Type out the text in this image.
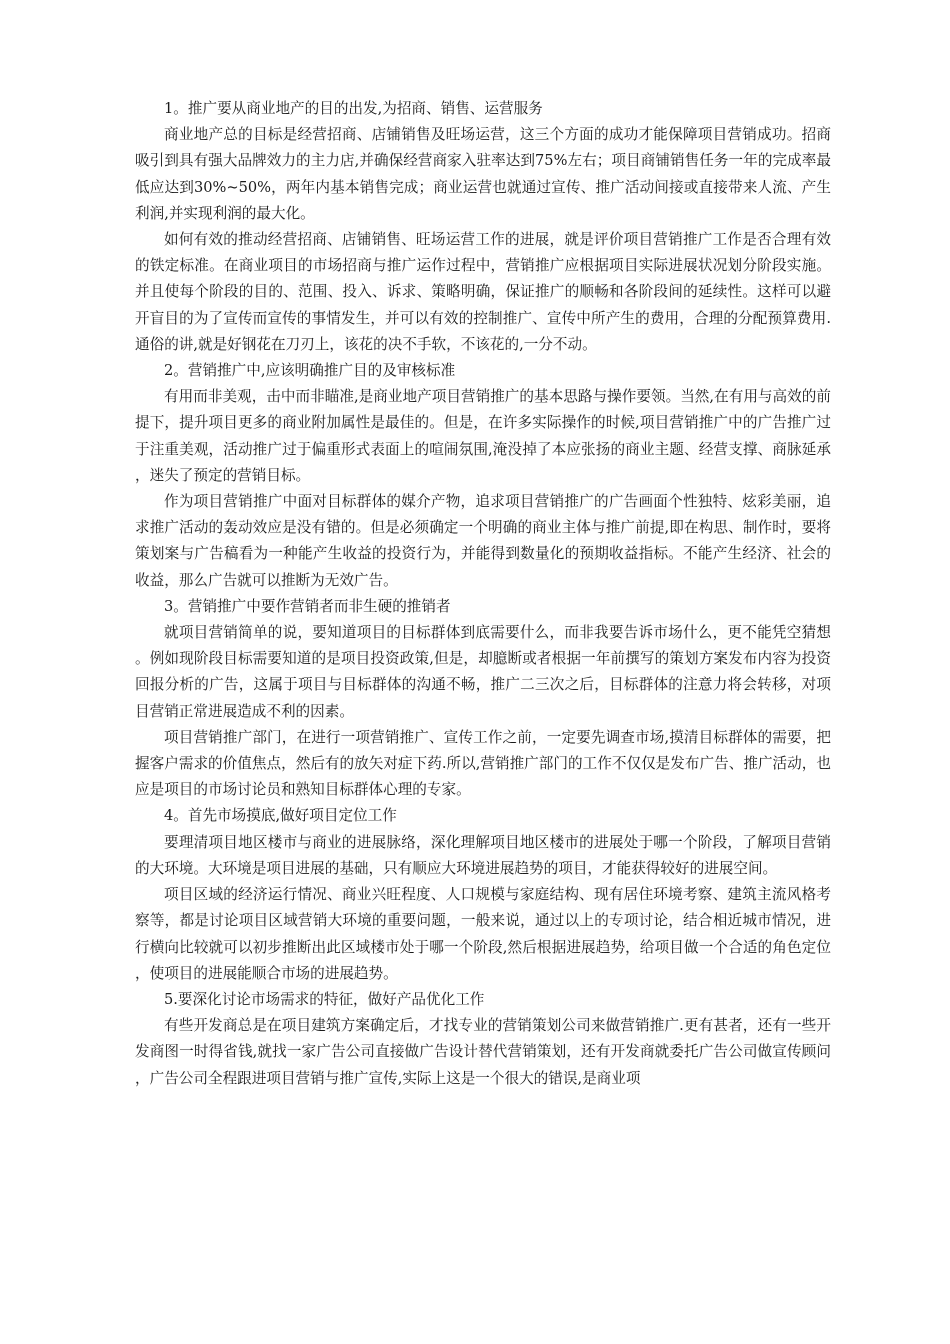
1。推广要从商业地产的目的出发,为招商、销售、运营服务

商业地产总的目标是经营招商、店铺销售及旺场运营，这三个方面的成功才能保障项目营销成功。招商吸引到具有强大品牌效力的主力店,并确保经营商家入驻率达到75%左右；项目商铺销售任务一年的完成率最低应达到30%~50%，两年内基本销售完成；商业运营也就通过宣传、推广活动间接或直接带来人流、产生利润,并实现利润的最大化。

如何有效的推动经营招商、店铺销售、旺场运营工作的进展，就是评价项目营销推广工作是否合理有效的铁定标准。在商业项目的市场招商与推广运作过程中，营销推广应根据项目实际进展状况划分阶段实施。并且使每个阶段的目的、范围、投入、诉求、策略明确，保证推广的顺畅和各阶段间的延续性。这样可以避开盲目的为了宣传而宣传的事情发生，并可以有效的控制推广、宣传中所产生的费用，合理的分配预算费用.通俗的讲,就是好钢花在刀刃上，该花的决不手软，不该花的,一分不动。

2。营销推广中,应该明确推广目的及审核标准

有用而非美观，击中而非瞄准,是商业地产项目营销推广的基本思路与操作要领。当然,在有用与高效的前提下，提升项目更多的商业附加属性是最佳的。但是，在许多实际操作的时候,项目营销推广中的广告推广过于注重美观，活动推广过于偏重形式表面上的喧闹氛围,淹没掉了本应张扬的商业主题、经营支撑、商脉延承，迷失了预定的营销目标。

作为项目营销推广中面对目标群体的媒介产物，追求项目营销推广的广告画面个性独特、炫彩美丽，追求推广活动的轰动效应是没有错的。但是必须确定一个明确的商业主体与推广前提,即在构思、制作时，要将策划案与广告稿看为一种能产生收益的投资行为，并能得到数量化的预期收益指标。不能产生经济、社会的收益，那么广告就可以推断为无效广告。

3。营销推广中要作营销者而非生硬的推销者

就项目营销简单的说，要知道项目的目标群体到底需要什么，而非我要告诉市场什么，更不能凭空猜想。例如现阶段目标需要知道的是项目投资政策,但是，却臆断或者根据一年前撰写的策划方案发布内容为投资回报分析的广告，这属于项目与目标群体的沟通不畅，推广二三次之后，目标群体的注意力将会转移，对项目营销正常进展造成不利的因素。

项目营销推广部门，在进行一项营销推广、宣传工作之前，一定要先调查市场,摸清目标群体的需要，把握客户需求的价值焦点，然后有的放矢对症下药.所以,营销推广部门的工作不仅仅是发布广告、推广活动，也应是项目的市场讨论员和熟知目标群体心理的专家。

4。首先市场摸底,做好项目定位工作

要理清项目地区楼市与商业的进展脉络，深化理解项目地区楼市的进展处于哪一个阶段，了解项目营销的大环境。大环境是项目进展的基础，只有顺应大环境进展趋势的项目，才能获得较好的进展空间。

项目区域的经济运行情况、商业兴旺程度、人口规模与家庭结构、现有居住环境考察、建筑主流风格考察等，都是讨论项目区域营销大环境的重要问题，一般来说，通过以上的专项讨论，结合相近城市情况，进行横向比较就可以初步推断出此区域楼市处于哪一个阶段,然后根据进展趋势，给项目做一个合适的角色定位，使项目的进展能顺合市场的进展趋势。

5.要深化讨论市场需求的特征，做好产品优化工作

有些开发商总是在项目建筑方案确定后，才找专业的营销策划公司来做营销推广.更有甚者，还有一些开发商图一时得省钱,就找一家广告公司直接做广告设计替代营销策划，还有开发商就委托广告公司做宣传顾问，广告公司全程跟进项目营销与推广宣传,实际上这是一个很大的错误,是商业项
